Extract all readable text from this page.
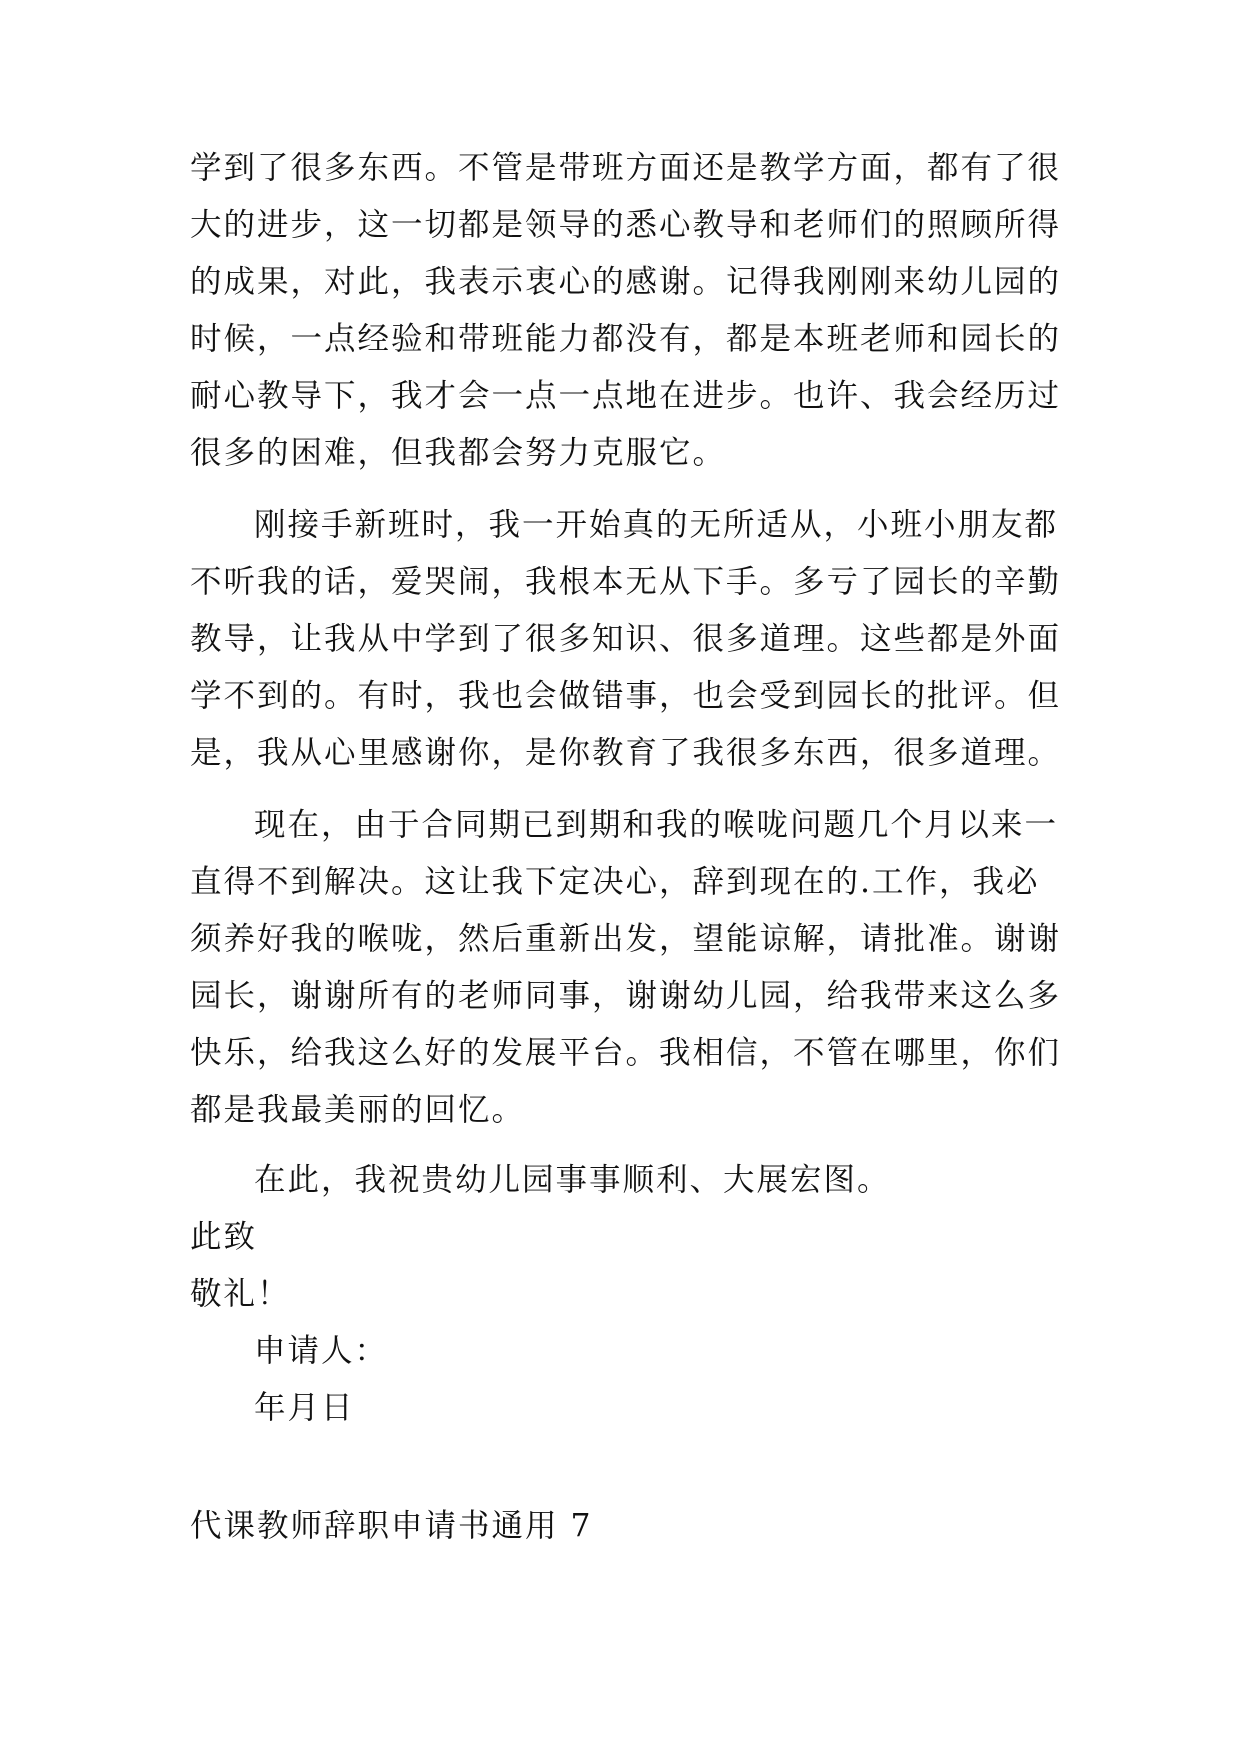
学到了很多东西。不管是带班方面还是教学方面，都有了很
大的进步，这一切都是领导的悉心教导和老师们的照顾所得
的成果，对此，我表示衷心的感谢。记得我刚刚来幼儿园的
时候，一点经验和带班能力都没有，都是本班老师和园长的
耐心教导下，我才会一点一点地在进步。也许、我会经历过
很多的困难，但我都会努力克服它。
刚接手新班时，我一开始真的无所适从，小班小朋友都
不听我的话，爱哭闹，我根本无从下手。多亏了园长的辛勤
教导，让我从中学到了很多知识、很多道理。这些都是外面
学不到的。有时，我也会做错事，也会受到园长的批评。但
是，我从心里感谢你，是你教育了我很多东西，很多道理。
现在，由于合同期已到期和我的喉咙问题几个月以来一
直得不到解决。这让我下定决心，辞到现在的.工作，我必
须养好我的喉咙，然后重新出发，望能谅解，请批准。谢谢
园长，谢谢所有的老师同事，谢谢幼儿园，给我带来这么多
快乐，给我这么好的发展平台。我相信，不管在哪里，你们
都是我最美丽的回忆。
在此，我祝贵幼儿园事事顺利、大展宏图。
此致
敬礼！
申请人：
年月日
代课教师辞职申请书通用 7
